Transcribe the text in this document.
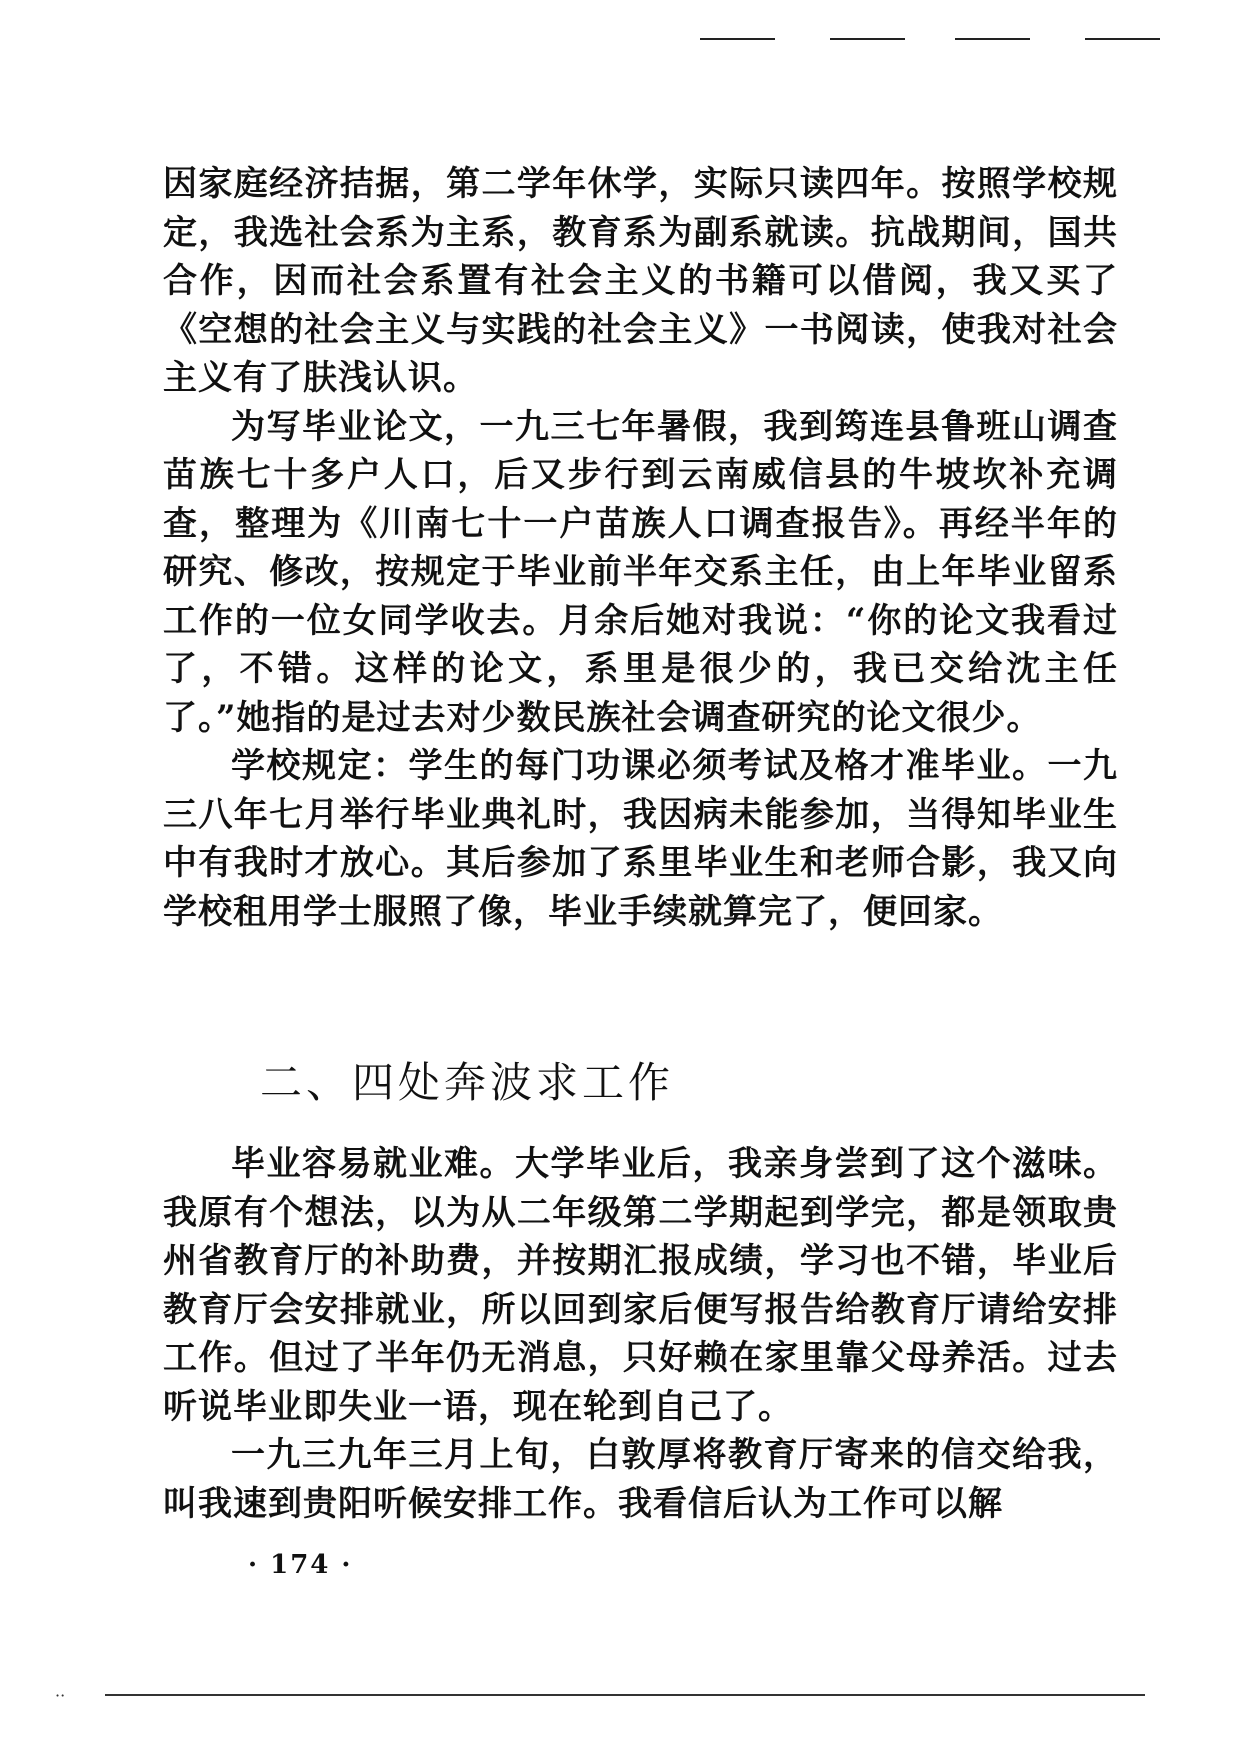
因家庭经济拮据，第二学年休学，实际只读四年。按照学校规定，我选社会系为主系，教育系为副系就读。抗战期间，国共合作，因而社会系置有社会主义的书籍可以借阅，我又买了《空想的社会主义与实践的社会主义》一书阅读，使我对社会主义有了肤浅认识。

为写毕业论文，一九三七年暑假，我到筠连县鲁班山调查苗族七十多户人口，后又步行到云南威信县的牛坡坎补充调查，整理为《川南七十一户苗族人口调查报告》。再经半年的研究、修改，按规定于毕业前半年交系主任，由上年毕业留系工作的一位女同学收去。月余后她对我说：“你的论文我看过了，不错。这样的论文，系里是很少的，我已交给沈主任了。”她指的是过去对少数民族社会调查研究的论文很少。

学校规定：学生的每门功课必须考试及格才准毕业。一九三八年七月举行毕业典礼时，我因病未能参加，当得知毕业生中有我时才放心。其后参加了系里毕业生和老师合影，我又向学校租用学士服照了像，毕业手续就算完了，便回家。

二、四处奔波求工作

毕业容易就业难。大学毕业后，我亲身尝到了这个滋味。我原有个想法，以为从二年级第二学期起到学完，都是领取贵州省教育厅的补助费，并按期汇报成绩，学习也不错，毕业后教育厅会安排就业，所以回到家后便写报告给教育厅请给安排工作。但过了半年仍无消息，只好赖在家里靠父母养活。过去听说毕业即失业一语，现在轮到自己了。

一九三九年三月上旬，白敦厚将教育厅寄来的信交给我，叫我速到贵阳听候安排工作。我看信后认为工作可以解

· 174 ·
··
